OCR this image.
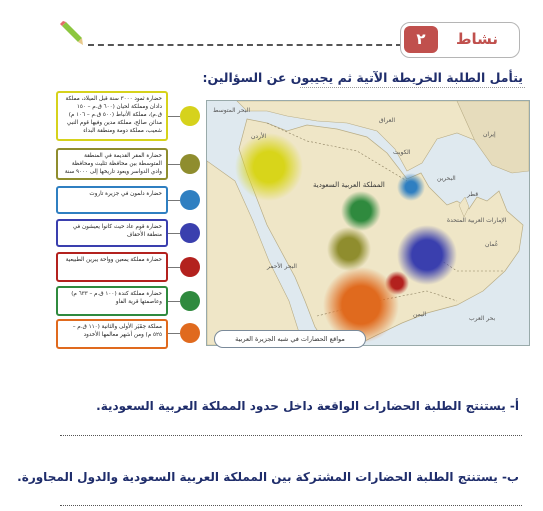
٢	نشاط
يتأمل الطلبة الخريطة الآتية ثم يجيبون عن السؤالين:
حضارة ثمود ٣٠٠٠ سنة قبل الميلاد، مملكة دادان ومملكة لحيان (٦٠٠ ق.م – ١٥٠ ق.م)، مملكة الأنباط (٥٠٠ ق.م – ١٠٦ م) مدائن صالح، مملكة مدين وفيها قوم النبي شعيب، مملكة دومة ومنطقة البداء
حضارة المقر القديمة في المنطقة المتوسطة بين محافظة تثليث ومحافظة وادي الدواسر ويعود تاريخها إلى ٩٠٠٠ سنة
حضارة دلمون في جزيرة تاروت
حضارة قوم عاد حيث كانوا يعيشون في منطقة الأحقاف
حضارة مملكة يمعين وواحة يبرين الطبيعية
حضارة مملكة كندة (١٠٠ ق.م – ٦٣٣ م) وعاصمتها قرية الفاو
مملكة حِمْيَر الأولى والثانية (١١٠ ق.م – ٥٢٥ م) ومن أشهر معالمها الأخدود
البحر المتوسط
الأردن
العراق
إيران
الكويت
البحرين
قطر
الإمارات العربية المتحدة
عُمان
اليمن
البحر الأحمر
بحر العرب
المملكة العربية السعودية
مواقع الحضارات في شبه الجزيرة العربية
أ- يستنتج الطلبة الحضارات الواقعة داخل حدود المملكة العربية السعودية.
ب- يستنتج الطلبة الحضارات المشتركة بين المملكة العربية السعودية والدول المجاورة.
